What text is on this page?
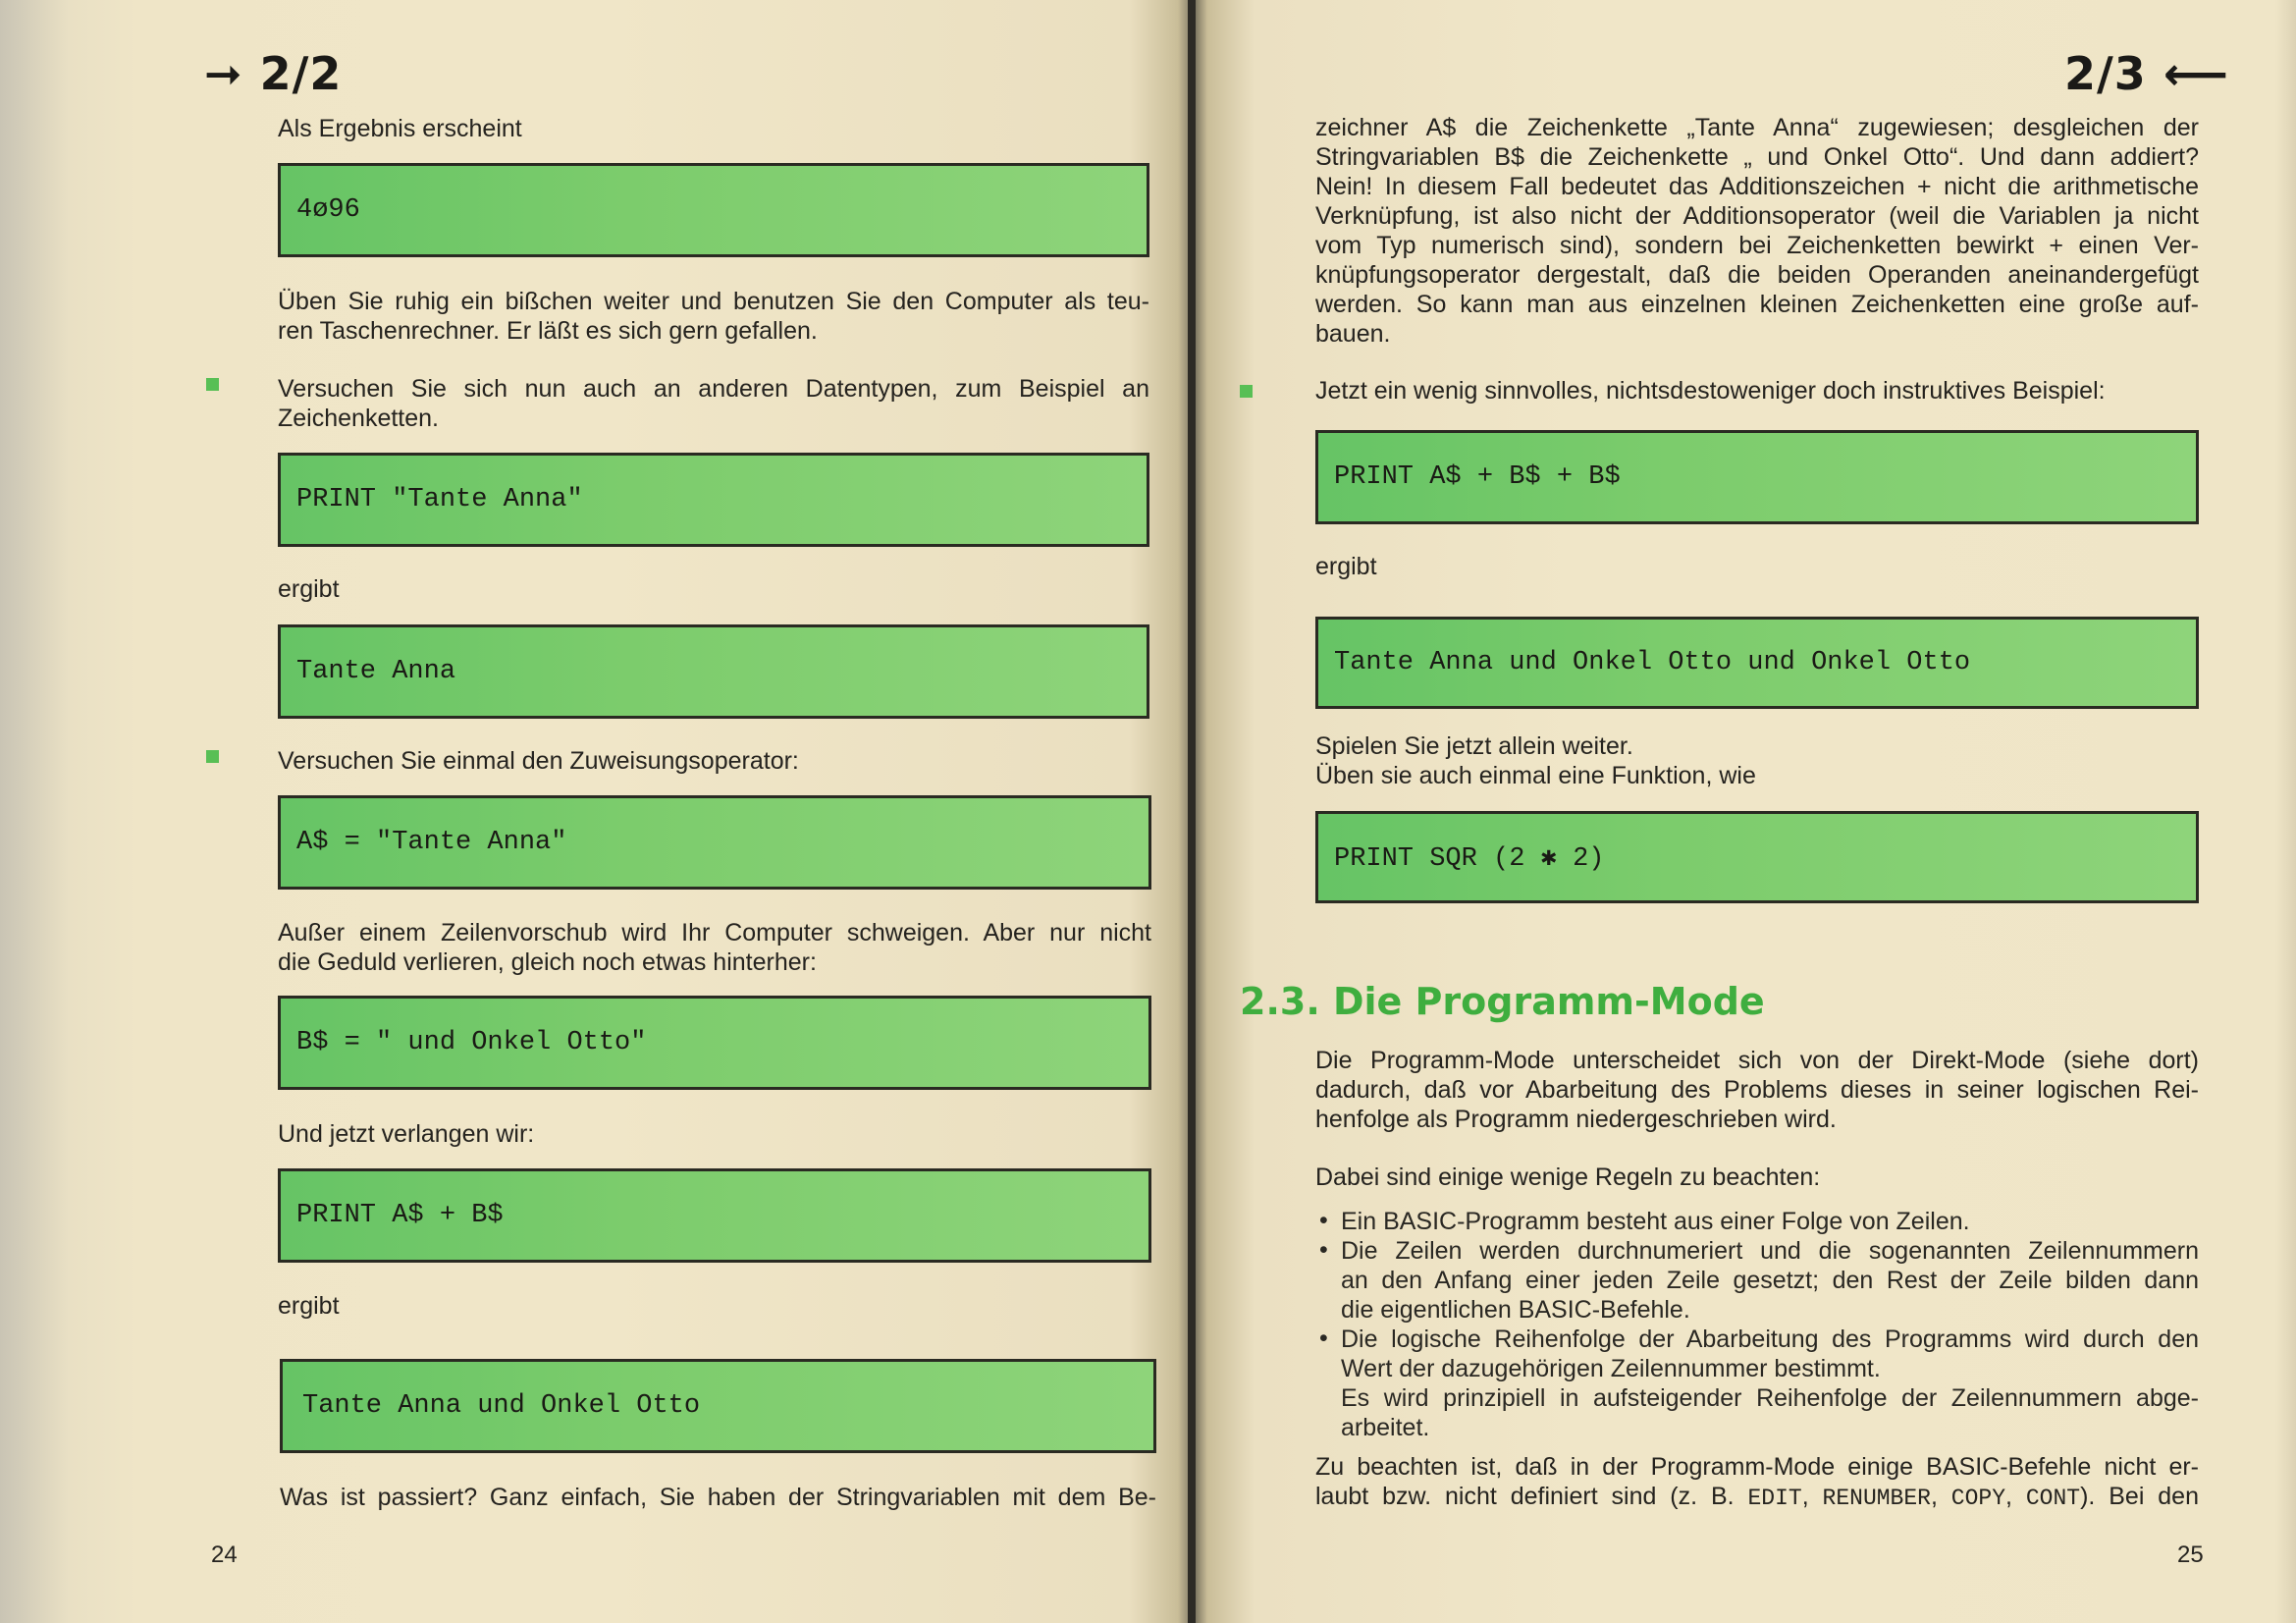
➞ 2/2
Als Ergebnis erscheint
4ø96
Üben Sie ruhig ein bißchen weiter und benutzen Sie den Computer als teu-
ren Taschenrechner. Er läßt es sich gern gefallen.
Versuchen Sie sich nun auch an anderen Datentypen, zum Beispiel an
Zeichenketten.
PRINT "Tante Anna"
ergibt
Tante Anna
Versuchen Sie einmal den Zuweisungsoperator:
A$ = "Tante Anna"
Außer einem Zeilenvorschub wird Ihr Computer schweigen. Aber nur nicht
die Geduld verlieren, gleich noch etwas hinterher:
B$ = " und Onkel Otto"
Und jetzt verlangen wir:
PRINT A$ + B$
ergibt
Tante Anna und Onkel Otto
Was ist passiert? Ganz einfach, Sie haben der Stringvariablen mit dem Be-
24
2/3 ⟵
zeichner A$ die Zeichenkette „Tante Anna“ zugewiesen; desgleichen der
Stringvariablen B$ die Zeichenkette „ und Onkel Otto“. Und dann addiert?
Nein! In diesem Fall bedeutet das Additionszeichen + nicht die arithmetische
Verknüpfung, ist also nicht der Additionsoperator (weil die Variablen ja nicht
vom Typ numerisch sind), sondern bei Zeichenketten bewirkt + einen Ver-
knüpfungsoperator dergestalt, daß die beiden Operanden aneinandergefügt
werden. So kann man aus einzelnen kleinen Zeichenketten eine große auf-
bauen.
Jetzt ein wenig sinnvolles, nichtsdestoweniger doch instruktives Beispiel:
PRINT A$ + B$ + B$
ergibt
Tante Anna und Onkel Otto und Onkel Otto
Spielen Sie jetzt allein weiter.
Üben sie auch einmal eine Funktion, wie
PRINT SQR (2 ✱ 2)
2.3. Die Programm-Mode
Die Programm-Mode unterscheidet sich von der Direkt-Mode (siehe dort)
dadurch, daß vor Abarbeitung des Problems dieses in seiner logischen Rei-
henfolge als Programm niedergeschrieben wird.
Dabei sind einige wenige Regeln zu beachten:
• Ein BASIC-Programm besteht aus einer Folge von Zeilen.
• Die Zeilen werden durchnumeriert und die sogenannten Zeilennummern
an den Anfang einer jeden Zeile gesetzt; den Rest der Zeile bilden dann
die eigentlichen BASIC-Befehle.
• Die logische Reihenfolge der Abarbeitung des Programms wird durch den
Wert der dazugehörigen Zeilennummer bestimmt.
Es wird prinzipiell in aufsteigender Reihenfolge der Zeilennummern abge-
arbeitet.
Zu beachten ist, daß in der Programm-Mode einige BASIC-Befehle nicht er-
laubt bzw. nicht definiert sind (z. B. EDIT, RENUMBER, COPY, CONT). Bei den
25
